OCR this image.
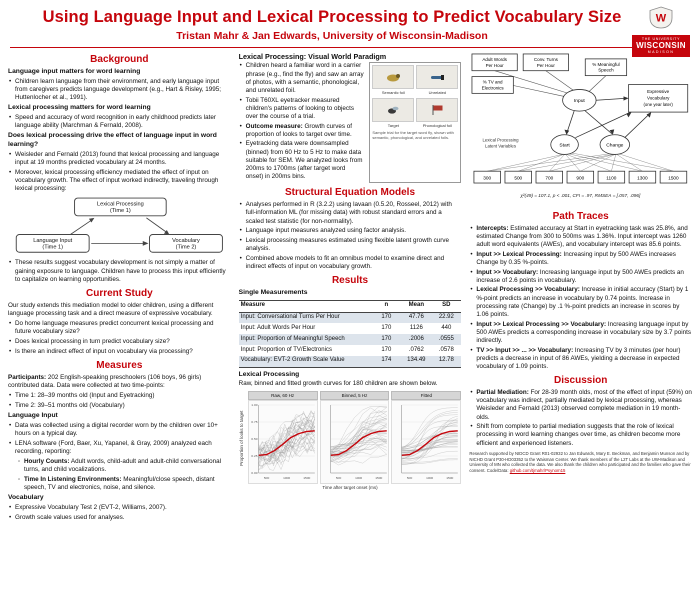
Using Language Input and Lexical Processing to Predict Vocabulary Size
Tristan Mahr & Jan Edwards, University of Wisconsin-Madison
W
THE UNIVERSITY
WISCONSIN
MADISON
Background
Language input matters for word learning
• Children learn language from their environment, and early language input from caregivers predicts language development (e.g., Hart & Risley, 1995; Huttenlocher et al., 1991).
Lexical processing matters for word learning
• Speed and accuracy of word recognition in early childhood predicts later language ability (Marchman & Fernald, 2008).
Does lexical processing drive the effect of language input in word learning?
• Weisleder and Fernald (2013) found that lexical processing and language input at 19 months predicted vocabulary at 24 months.
• Moreover, lexical processing efficiency mediated the effect of input on vocabulary growth. The effect of input worked indirectly, traveling through lexical processing:
Lexical Processing
(Time 1)
Language Input
(Time 1)
Vocabulary
(Time 2)
• These results suggest vocabulary development is not simply a matter of gaining exposure to language. Children have to process this input efficiently to capitalize on learning opportunities.
Current Study
Our study extends this mediation model to older children, using a different language processing task and a direct measure of expressive vocabulary.
• Do home language measures predict concurrent lexical processing and future vocabulary size?
• Does lexical processing in turn predict vocabulary size?
• Is there an indirect effect of input on vocabulary via processing?
Measures
Participants: 202 English-speaking preschoolers (106 boys, 96 girls) contributed data. Data were collected at two time-points:
• Time 1: 28–39 months old (Input and Eyetracking)
• Time 2: 39–51 months old (Vocabulary)
Language Input
• Data was collected using a digital recorder worn by the children over 10+ hours on a typical day.
• LENA software (Ford, Baer, Xu, Yapanel, & Gray, 2009) analyzed each recording, reporting:
◦ Hourly Counts: Adult words, child-adult and adult-child conversational turns, and child vocalizations.
◦ Time In Listening Environments: Meaningful/close speech, distant speech, TV and electronics, noise, and silence.
Vocabulary
• Expressive Vocabulary Test 2 (EVT-2, Williams, 2007).
• Growth scale values used for analyses.
Lexical Processing: Visual World Paradigm
• Children heard a familiar word in a carrier phrase (e.g., find the fly) and saw an array of photos, with a semantic, phonological, and unrelated foil.
• Tobii T60XL eyetracker measured children's patterns of looking to objects over the course of a trial.
• Outcome measure: Growth curves of proportion of looks to target over time.
• Eyetracking data were downsampled (binned) from 60 Hz to 5 Hz to make data suitable for SEM. We analyzed looks from 200ms to 1700ms (after target word onset) in 200ms bins.
Semantic foil	Unrelated
Target	Phonological foil
Sample trial for the target word fly, shown with semantic, phonological, and unrelated foils.
Structural Equation Models
• Analyses performed in R (3.2.2) using lavaan (0.5.20, Rosseel, 2012) with full-information ML (for missing data) with robust standard errors and a scaled test statistic (for non-normality).
• Language input measures analyzed using factor analysis.
• Lexical processing measures estimated using flexible latent growth curve analysis.
• Combined above models to fit an omnibus model to examine direct and indirect effects of input on vocabulary growth.
Results
Single Measurements
Measure	n	Mean	SD
Input: Conversational Turns Per Hour	170	47.76	22.92
Input: Adult Words Per Hour	170	1126	440
Input: Proportion of Meaningful Speech	170	.2006	.0555
Input: Proportion of TV/Electronics	170	.0762	.0578
Vocabulary: EVT-2 Growth Scale Value	174	134.49	12.78
Lexical Processing
Raw, binned and fitted growth curves for 180 children are shown below.
Proportion of looks to target
Raw, 60 Hz
0.00
0.25
0.50
0.75
1.00
500	1000	1500
Binned, 5 Hz
500	1000	1500
Fitted
500	1000	1500
Time after target onset (ms)
Adult Words
Per Hour
Conv. Turns
Per Hour	% Meaningful
Speech
% TV and
Electronics
Input
Expressive
Vocabulary
(one year later)
Start	Change
Lexical Processing
Latent Variables
300	500	700	900	1100	1300	1500
χ²(49) = 107.1, p < .001, CFI = .97, RMSEA = [.057, .096]
Path Traces
• Intercepts: Estimated accuracy at Start in eyetracking task was 25.8%, and estimated Change from 300 to 500ms was 1.36%. Input intercept was 1260 adult word equivalents (AWEs), and vocabulary intercept was 85.6 points.
• Input >> Lexical Processing: Increasing input by 500 AWEs increases Change by 0.35 %-points.
• Input >> Vocabulary: Increasing language input by 500 AWEs predicts an increase of 2.6 points in vocabulary.
• Lexical Processing >> Vocabulary: Increase in initial accuracy (Start) by 1 %-point predicts an increase in vocabulary by 0.74 points. Increase in processing rate (Change) by .1 %-point predicts an increase in scores by 1.06 points.
• Input >> Lexical Processing >> Vocabulary: Increasing language input by 500 AWEs predicts a corresponding increase in vocabulary size by 3.7 points indirectly.
• TV >> Input >> ... >> Vocabulary: Increasing TV by 3 minutes (per hour) predicts a decrease in input of 86 AWEs, yielding a decrease in expected vocabulary of 1.09 points.
Discussion
• Partial Mediation: For 28-39 month olds, most of the effect of input (59%) on vocabulary was indirect, partially mediated by lexical processing, whereas Weisleder and Fernald (2013) observed complete mediation in 19 month-olds.
• Shift from complete to partial mediation suggests that the role of lexical processing in word learning changes over time, as children become more efficient and experienced listeners.
Research supported by NIDCD Grant R01-02932 to Jan Edwards, Mary E. Beckman, and Benjamin Munson and by NICHD Grant P30-HD03352 to the Waisman Center. We thank members of the L2T Labs at the UW-Madison and University of MN who collected the data. We also thank the children who participated and the families who gave their consent. Code/Data: github.com/tjmahr/Psynom15
